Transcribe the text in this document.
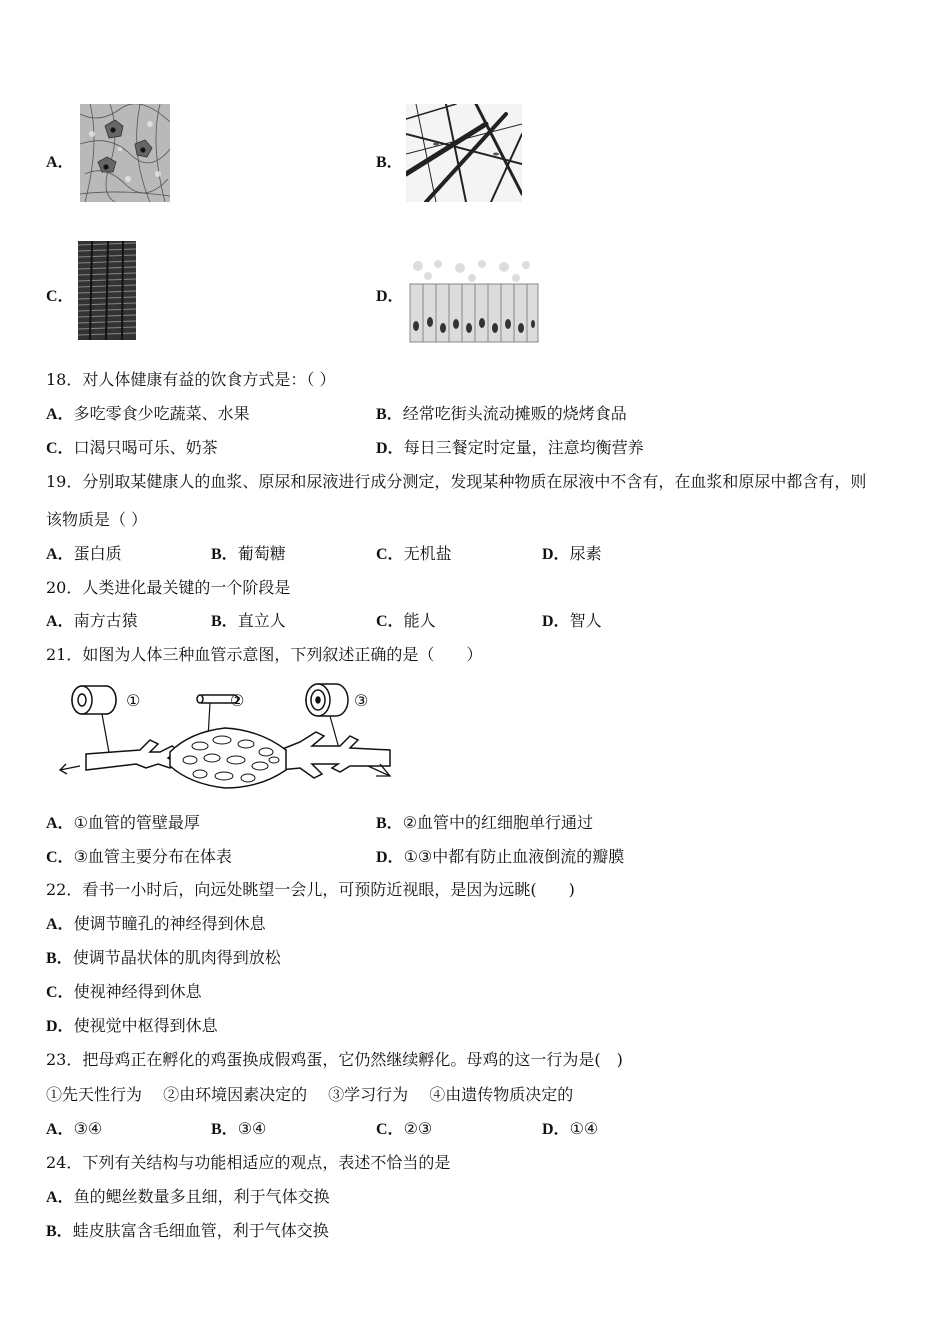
A．	B．
C．	D．
18．对人体健康有益的饮食方式是：（ ）
A．多吃零食少吃蔬菜、水果	B．经常吃街头流动摊贩的烧烤食品
C．口渴只喝可乐、奶茶	D．每日三餐定时定量，注意均衡营养
19．分别取某健康人的血浆、原尿和尿液进行成分测定，发现某种物质在尿液中不含有，在血浆和原尿中都含有，则
该物质是（ ）
A．蛋白质	B．葡萄糖	C．无机盐	D．尿素
20．人类进化最关键的一个阶段是
A．南方古猿	B．直立人	C．能人	D．智人
21．如图为人体三种血管示意图，下列叙述正确的是（　　）
①	②	③
A．①血管的管壁最厚	B．②血管中的红细胞单行通过
C．③血管主要分布在体表	D．①③中都有防止血液倒流的瓣膜
22．看书一小时后，向远处眺望一会儿，可预防近视眼，是因为远眺(　　)
A．使调节瞳孔的神经得到休息
B．使调节晶状体的肌肉得到放松
C．使视神经得到休息
D．使视觉中枢得到休息
23．把母鸡正在孵化的鸡蛋换成假鸡蛋，它仍然继续孵化。母鸡的这一行为是(　)
①先天性行为　 ②由环境因素决定的　 ③学习行为　 ④由遗传物质决定的
A．③④	B．③④	C．②③	D．①④
24．下列有关结构与功能相适应的观点，表述不恰当的是
A．鱼的鳃丝数量多且细，利于气体交换
B．蛙皮肤富含毛细血管，利于气体交换
